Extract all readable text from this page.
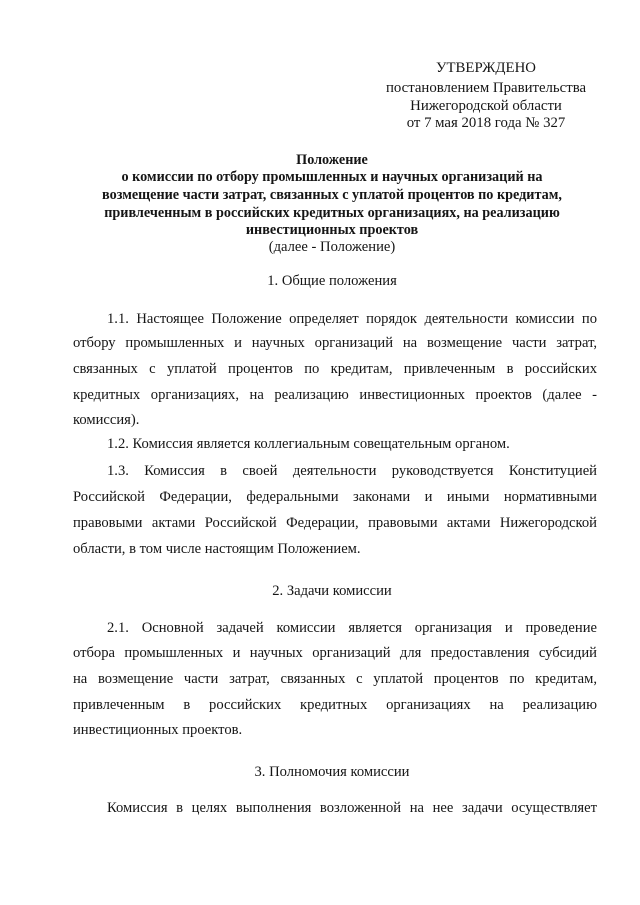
УТВЕРЖДЕНО
постановлением Правительства
Нижегородской области
от 7 мая 2018 года № 327
Положение
о комиссии по отбору промышленных и научных организаций на
возмещение части затрат, связанных с уплатой процентов по кредитам,
привлеченным в российских кредитных организациях, на реализацию
инвестиционных проектов
(далее - Положение)
1. Общие положения
1.1. Настоящее Положение определяет порядок деятельности комиссии по
отбору промышленных и научных организаций на возмещение части затрат,
связанных с уплатой процентов по кредитам, привлеченным в российских
кредитных организациях, на реализацию инвестиционных проектов (далее -
комиссия).
1.2. Комиссия является коллегиальным совещательным органом.
1.3. Комиссия в своей деятельности руководствуется Конституцией
Российской Федерации, федеральными законами и иными нормативными
правовыми актами Российской Федерации, правовыми актами Нижегородской
области, в том числе настоящим Положением.
2. Задачи комиссии
2.1. Основной задачей комиссии является организация и проведение
отбора промышленных и научных организаций для предоставления субсидий
на возмещение части затрат, связанных с уплатой процентов по кредитам,
привлеченным в российских кредитных организациях на реализацию
инвестиционных проектов.
3. Полномочия комиссии
Комиссия в целях выполнения возложенной на нее задачи осуществляет
